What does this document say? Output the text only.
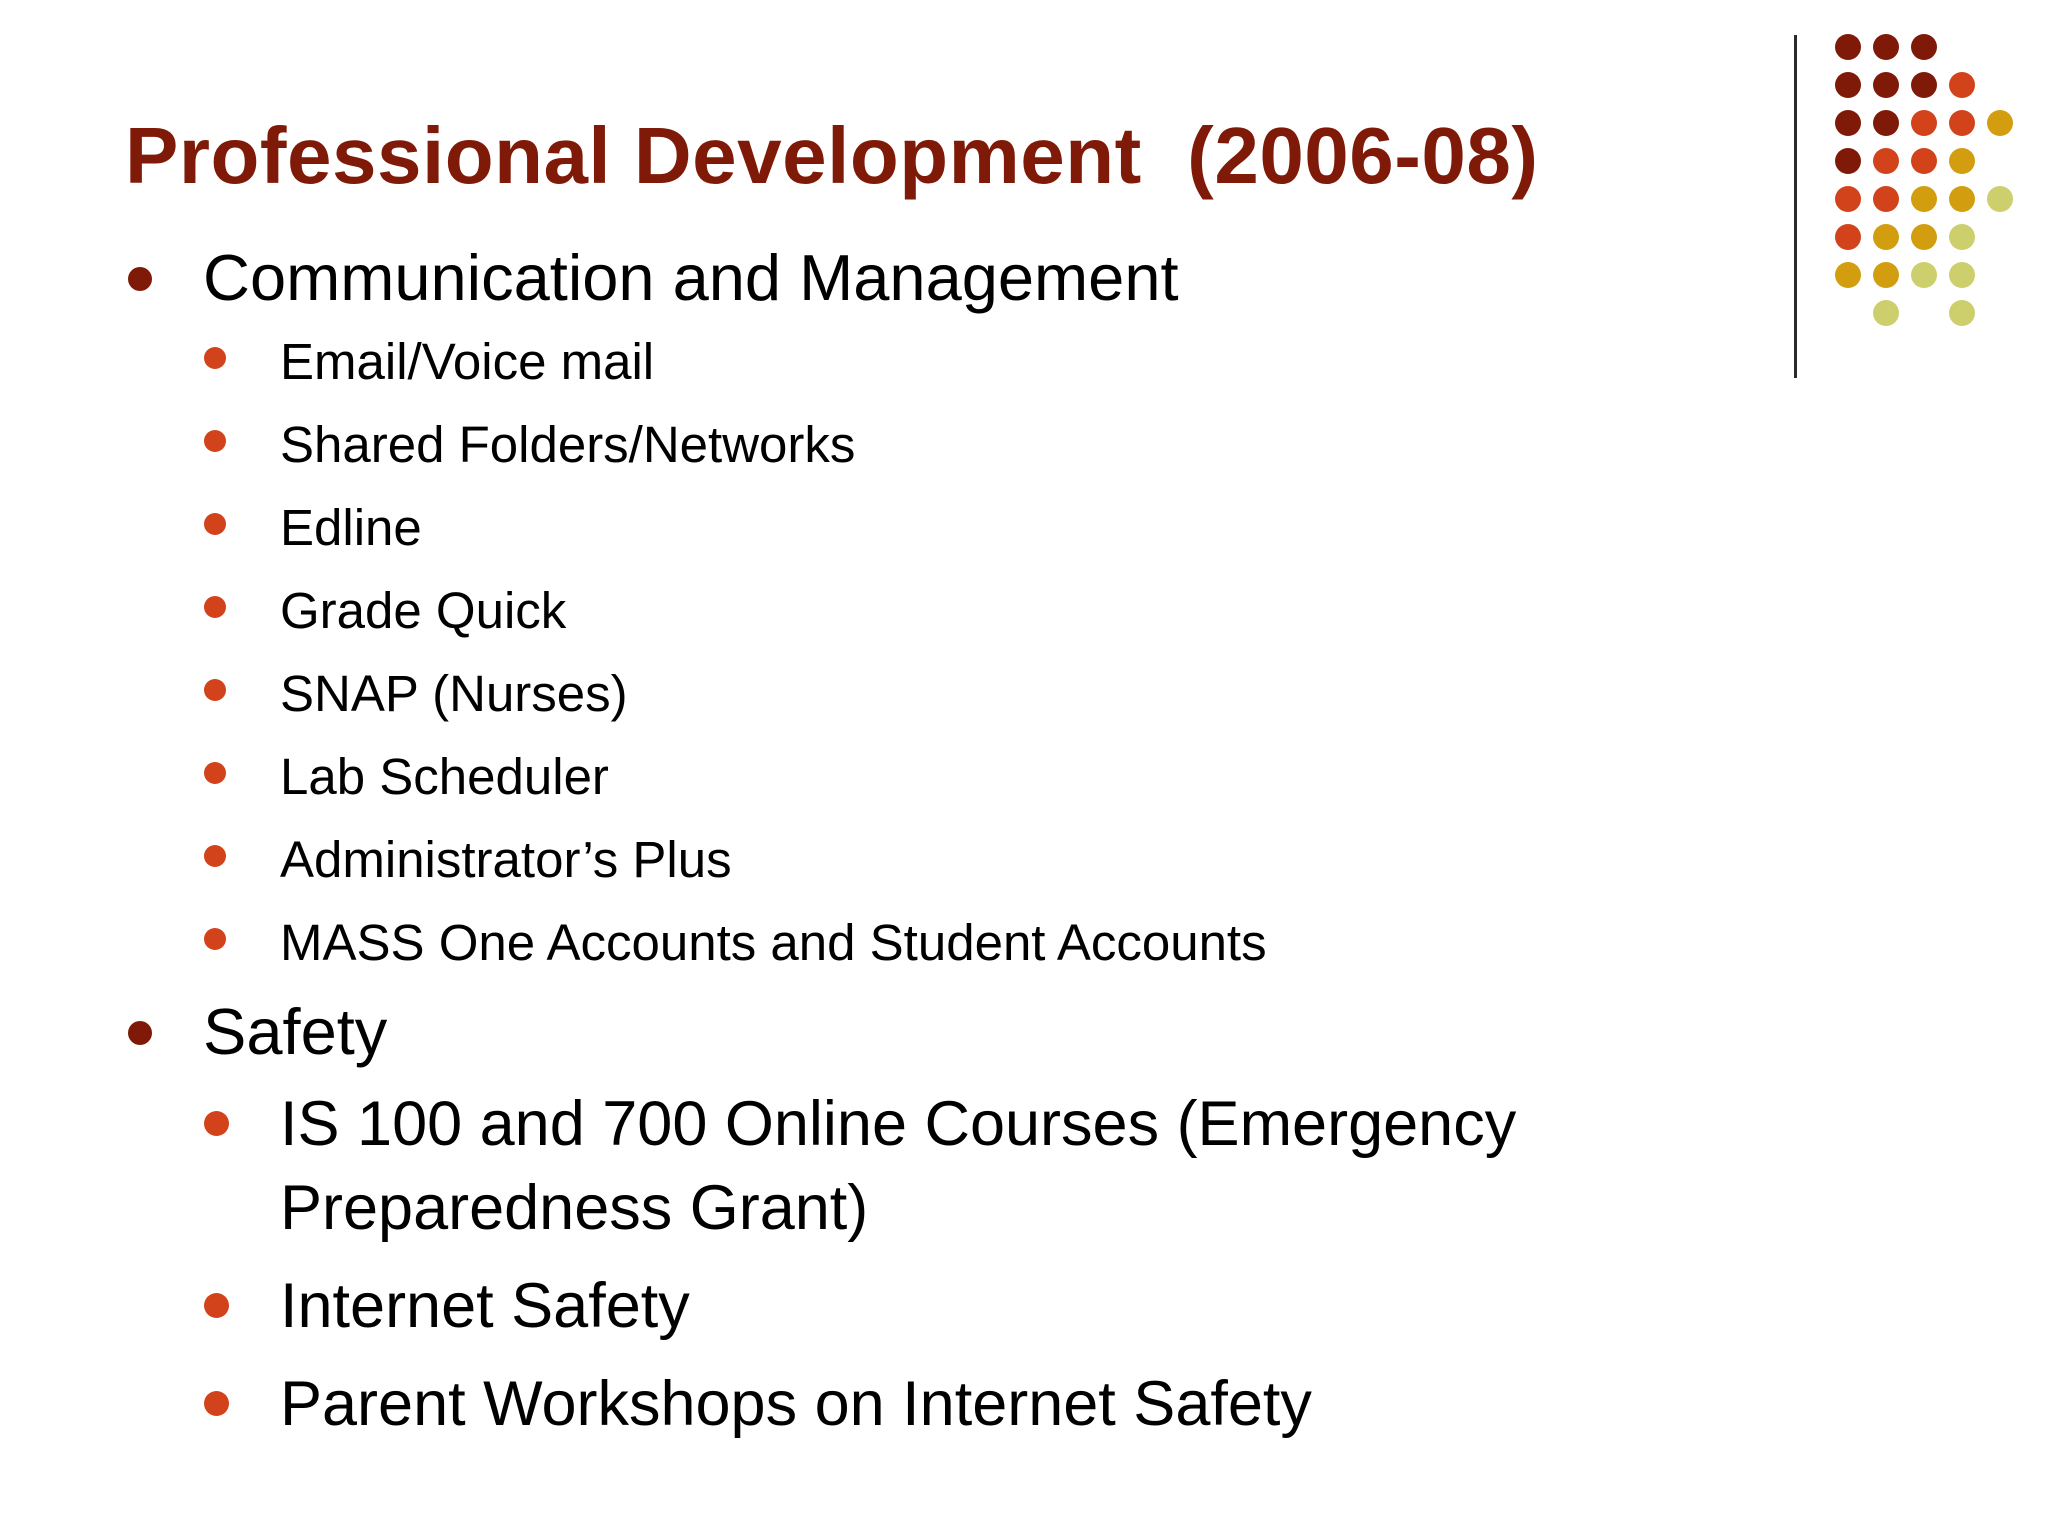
Professional Development  (2006-08)
Communication and Management
Email/Voice mail
Shared Folders/Networks
Edline
Grade Quick
SNAP (Nurses)
Lab Scheduler
Administrator’s Plus
MASS One Accounts and Student Accounts
Safety
IS 100 and 700 Online Courses (Emergency Preparedness Grant)
Internet Safety
Parent Workshops on Internet Safety
